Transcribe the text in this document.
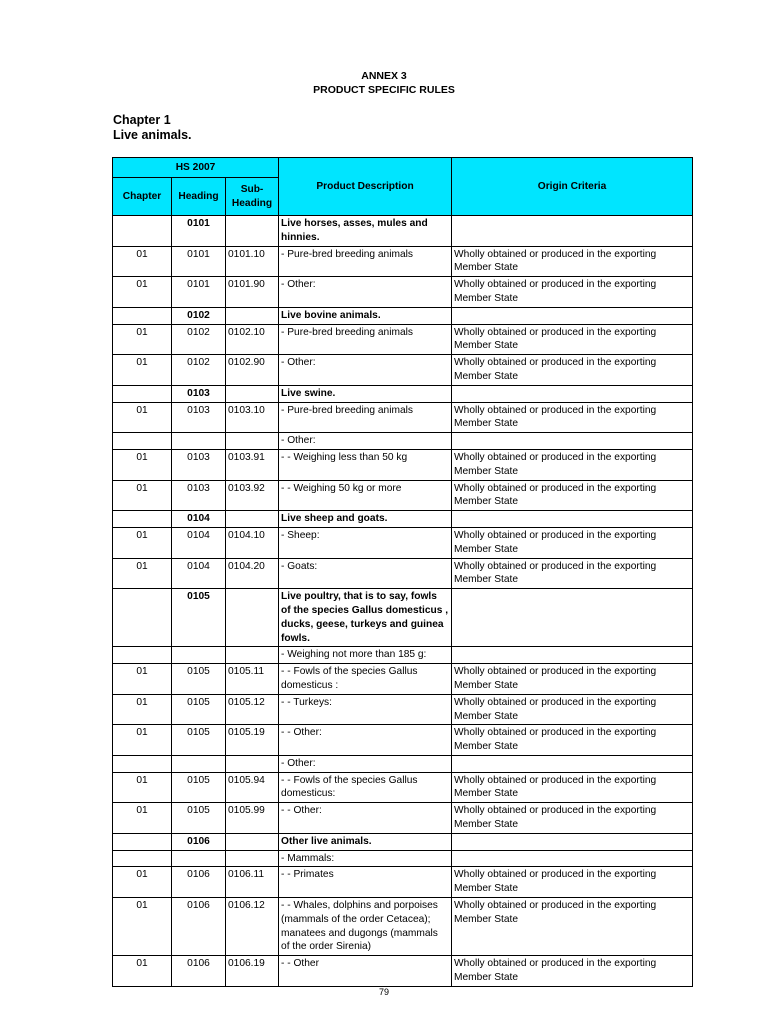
ANNEX 3
PRODUCT SPECIFIC RULES
Chapter 1
Live animals.
HS 2007			Product Description	Origin Criteria
Chapter	Heading	Sub-
Heading		
	0101		Live horses, asses, mules and hinnies.	
01	0101	0101.10	- Pure-bred breeding animals	Wholly obtained or produced in the exporting Member State
01	0101	0101.90	- Other:	Wholly obtained or produced in the exporting Member State
	0102		Live bovine animals.	
01	0102	0102.10	- Pure-bred breeding animals	Wholly obtained or produced in the exporting Member State
01	0102	0102.90	- Other:	Wholly obtained or produced in the exporting Member State
	0103		Live swine.	
01	0103	0103.10	- Pure-bred breeding animals	Wholly obtained or produced in the exporting Member State
			- Other:	
01	0103	0103.91	- - Weighing less than 50 kg	Wholly obtained or produced in the exporting Member State
01	0103	0103.92	- - Weighing 50 kg or more	Wholly obtained or produced in the exporting Member State
	0104		Live sheep and goats.	
01	0104	0104.10	- Sheep:	Wholly obtained or produced in the exporting Member State
01	0104	0104.20	- Goats:	Wholly obtained or produced in the exporting Member State
	0105		Live poultry, that is to say, fowls of the species Gallus domesticus , ducks, geese, turkeys and guinea fowls.	
			- Weighing not more than 185 g:	
01	0105	0105.11	- - Fowls of the species Gallus domesticus :	Wholly obtained or produced in the exporting Member State
01	0105	0105.12	- - Turkeys:	Wholly obtained or produced in the exporting Member State
01	0105	0105.19	- - Other:	Wholly obtained or produced in the exporting Member State
			- Other:	
01	0105	0105.94	- - Fowls of the species Gallus domesticus:	Wholly obtained or produced in the exporting Member State
01	0105	0105.99	- - Other:	Wholly obtained or produced in the exporting Member State
	0106		Other live animals.	
			- Mammals:	
01	0106	0106.11	- - Primates	Wholly obtained or produced in the exporting Member State
01	0106	0106.12	- - Whales, dolphins and porpoises (mammals of the order Cetacea); manatees and dugongs (mammals of the order Sirenia)	Wholly obtained or produced in the exporting Member State
01	0106	0106.19	- - Other	Wholly obtained or produced in the exporting Member State
79
